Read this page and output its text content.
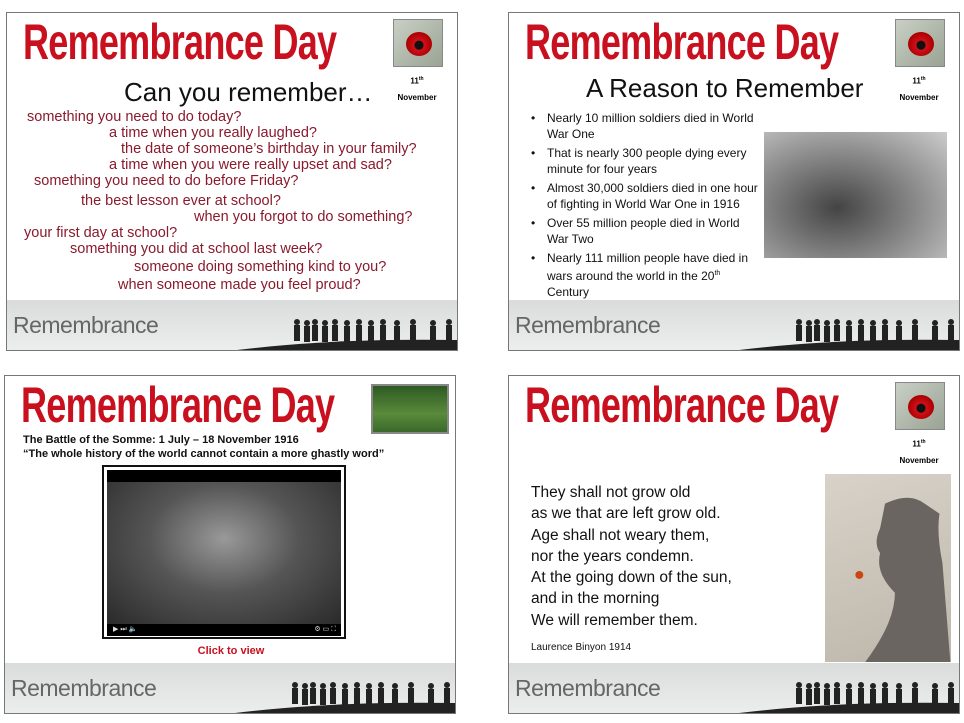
Remembrance Day
11th
November
Can you remember…
something you need to do today?
a time when you really laughed?
the date of someone’s birthday in your family?
a time when you were really upset and sad?
something you need to do before Friday?
the best lesson ever at school?
when you forgot to do something?
your first day at school?
something you did at school last week?
someone doing something kind to you?
when someone made you feel proud?
Remembrance
Remembrance Day
11th
November
A Reason to Remember
• Nearly 10 million soldiers died in World War One
• That is nearly 300 people dying every minute for four years
• Almost 30,000 soldiers died in one hour of fighting in World War One in 1916
• Over 55 million people died in World War Two
• Nearly 111 million people have died in wars around the world in the 20th Century
Remembrance
Remembrance Day
The Battle of the Somme: 1 July – 18 November 1916
“The whole history of the world cannot contain a more ghastly word”
▶ ⏭ 🔈	⚙ ▭ ⛶
Click to view
Remembrance
Remembrance Day
11th
November
They shall not grow old
as we that are left grow old.
Age shall not weary them,
nor the years condemn.
At the going down of the sun,
and in the morning
We will remember them.
Laurence Binyon 1914
Remembrance
